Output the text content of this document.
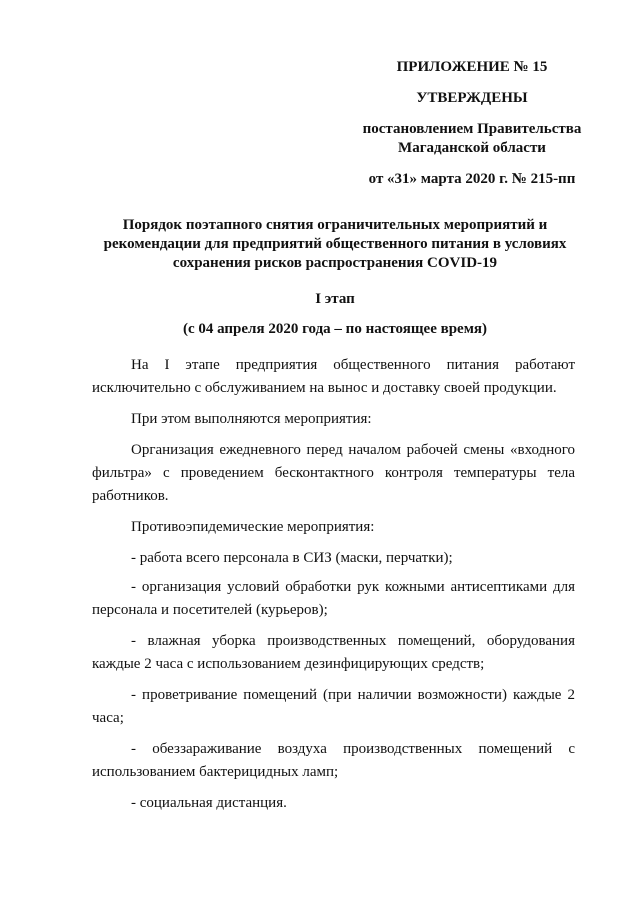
ПРИЛОЖЕНИЕ № 15

УТВЕРЖДЕНЫ

постановлением Правительства Магаданской области

от «31» марта 2020 г. № 215-пп

Порядок поэтапного снятия ограничительных мероприятий и рекомендации для предприятий общественного питания в условиях сохранения рисков распространения COVID-19

I этап

(с 04 апреля 2020 года – по настоящее время)

На I этапе предприятия общественного питания работают исключительно с обслуживанием на вынос и доставку своей продукции.

При этом выполняются мероприятия:

Организация ежедневного перед началом рабочей смены «входного фильтра» с проведением бесконтактного контроля температуры тела работников.

Противоэпидемические мероприятия:

- работа всего персонала в СИЗ (маски, перчатки);

- организация условий обработки рук кожными антисептиками для персонала и посетителей (курьеров);

- влажная уборка производственных помещений, оборудования каждые 2 часа с использованием дезинфицирующих средств;

- проветривание помещений (при наличии возможности) каждые 2 часа;

- обеззараживание воздуха производственных помещений с использованием бактерицидных ламп;

- социальная дистанция.
